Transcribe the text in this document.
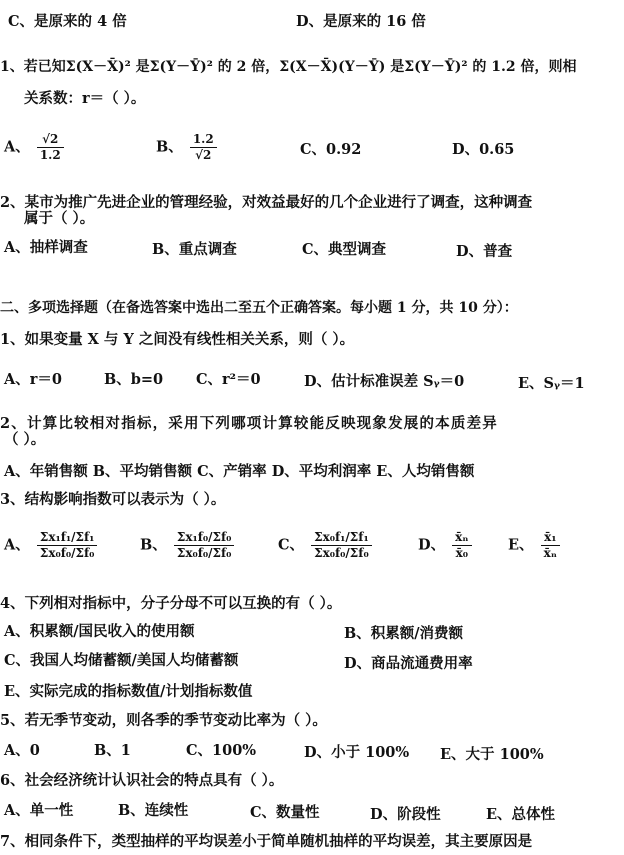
C、是原来的 4 倍	D、是原来的 16 倍
1、若已知Σ(X－X̄)² 是Σ(Y－Ȳ)² 的 2 倍，Σ(X－X̄)(Y－Ȳ) 是Σ(Y－Ȳ)² 的 1.2 倍，则相
关系数：r＝（ ）。
A、 $\frac{√2}{1.2}$	B、 $\frac{1.2}{√2}$	C、0.92	D、0.65
2、某市为推广先进企业的管理经验，对效益最好的几个企业进行了调查，这种调查
属于（ ）。
A、抽样调查	B、重点调查	C、典型调查	D、普查
二、多项选择题（在备选答案中选出二至五个正确答案。每小题 1 分，共 10 分）：
1、如果变量 X 与 Y 之间没有线性相关关系，则（ ）。
A、r＝0	B、b=0 C、r²＝0	D、估计标准误差 Sᵧ＝0	E、Sᵧ＝1
2、计算比较相对指标，采用下列哪项计算较能反映现象发展的本质差异
（ ）。
A、年销售额 B、平均销售额 C、产销率 D、平均利润率 E、人均销售额
3、结构影响指数可以表示为（ ）。
A、 $\frac{\text{Σx₁f₁/Σf₁}}{\text{Σx₀f₀/Σf₀}}$	B、 $\frac{\text{Σx₁f₀/Σf₀}}{\text{Σx₀f₀/Σf₀}}$	C、 $\frac{\text{Σx₀f₁/Σf₁}}{\text{Σx₀f₀/Σf₀}}$	D、 $\frac{\text{x̄ₙ}}{\text{x̄₀}}$	E、 $\frac{\text{x̄₁}}{\text{x̄ₙ}}$
4、下列相对指标中，分子分母不可以互换的有（ ）。
A、积累额/国民收入的使用额	B、积累额/消费额
C、我国人均储蓄额/美国人均储蓄额	D、商品流通费用率
E、实际完成的指标数值/计划指标数值
5、若无季节变动，则各季的季节变动比率为（ ）。
A、0	B、1	C、100%	D、小于 100% E、大于 100%
6、社会经济统计认识社会的特点具有（ ）。
A、单一性	B、连续性	C、数量性	D、阶段性	E、总体性
7、相同条件下，类型抽样的平均误差小于简单随机抽样的平均误差，其主要原因是
